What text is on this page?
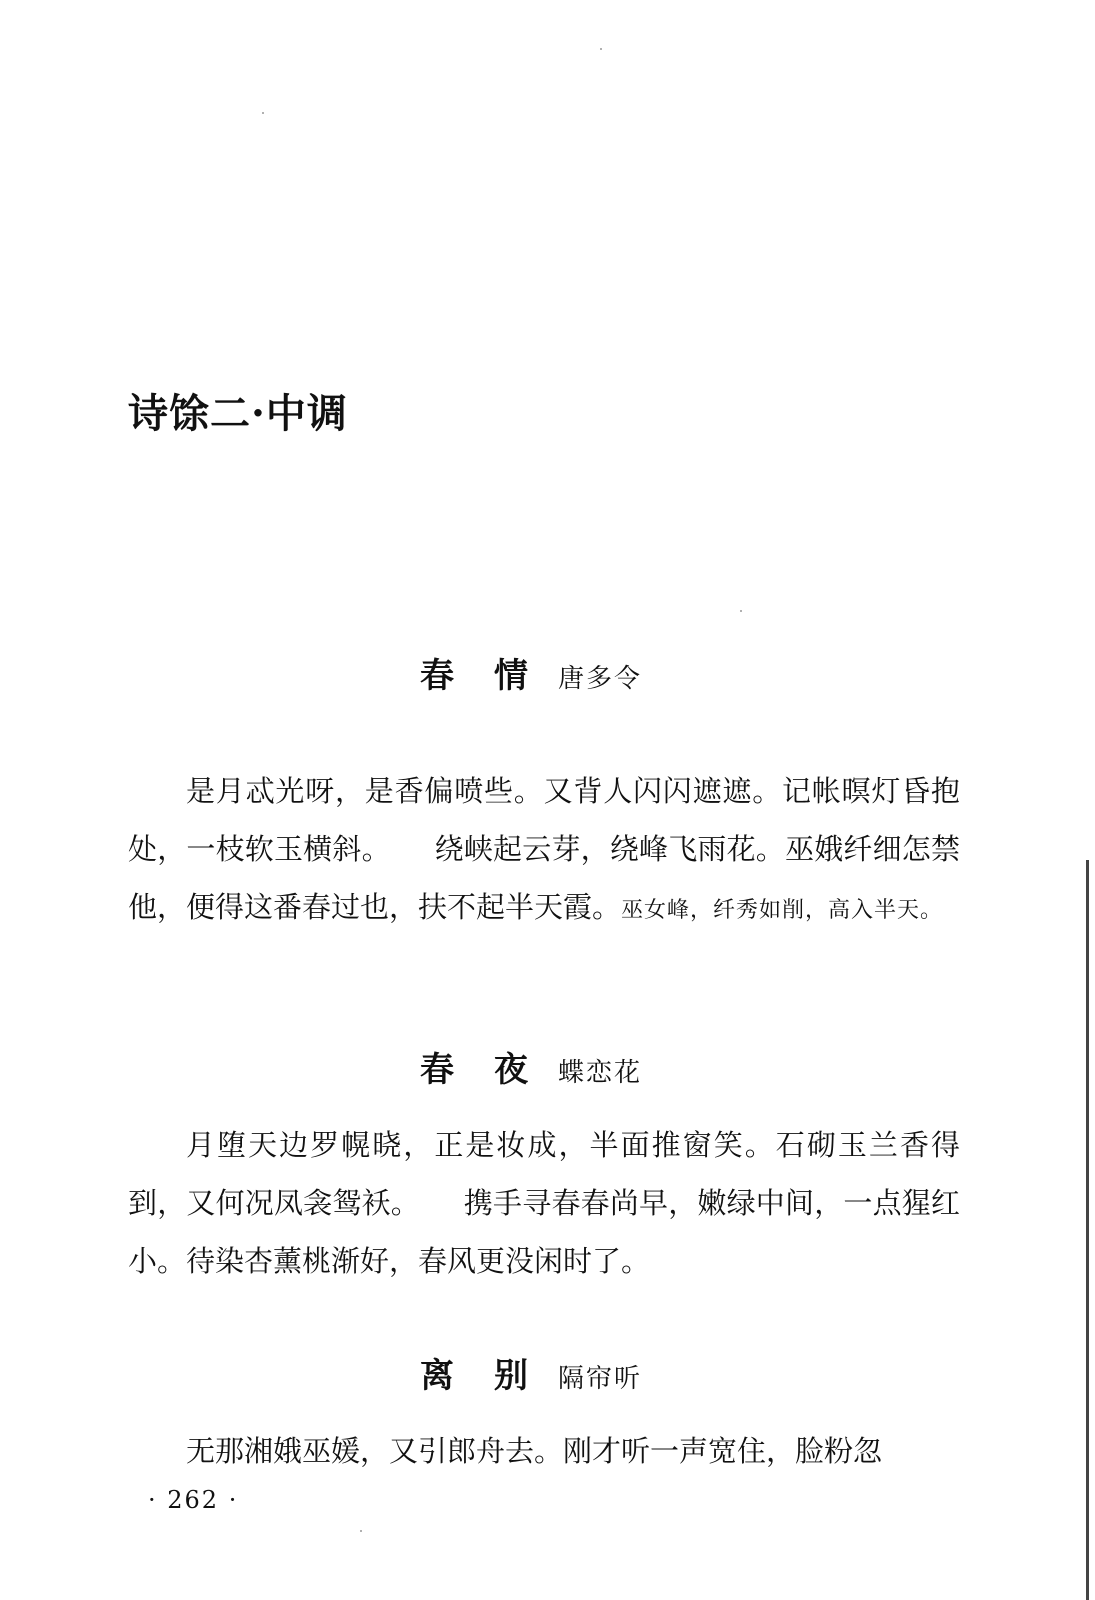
诗馀二·中调
春情唐多令
是月忒光呀，是香偏喷些。又背人闪闪遮遮。记帐暝灯昏抱处，一枝软玉横斜。　　绕峡起云芽，绕峰飞雨花。巫娥纤细怎禁他，便得这番春过也，扶不起半天霞。巫女峰，纤秀如削，高入半天。
春夜蝶恋花
月堕天边罗幌晓，正是妆成，半面推窗笑。石砌玉兰香得到，又何况凤衾鸳袄。　　携手寻春春尚早，嫩绿中间，一点猩红小。待染杏薰桃渐好，春风更没闲时了。
离别隔帘听
无那湘娥巫媛，又引郎舟去。刚才听一声宽住，脸粉忽
· 262 ·
